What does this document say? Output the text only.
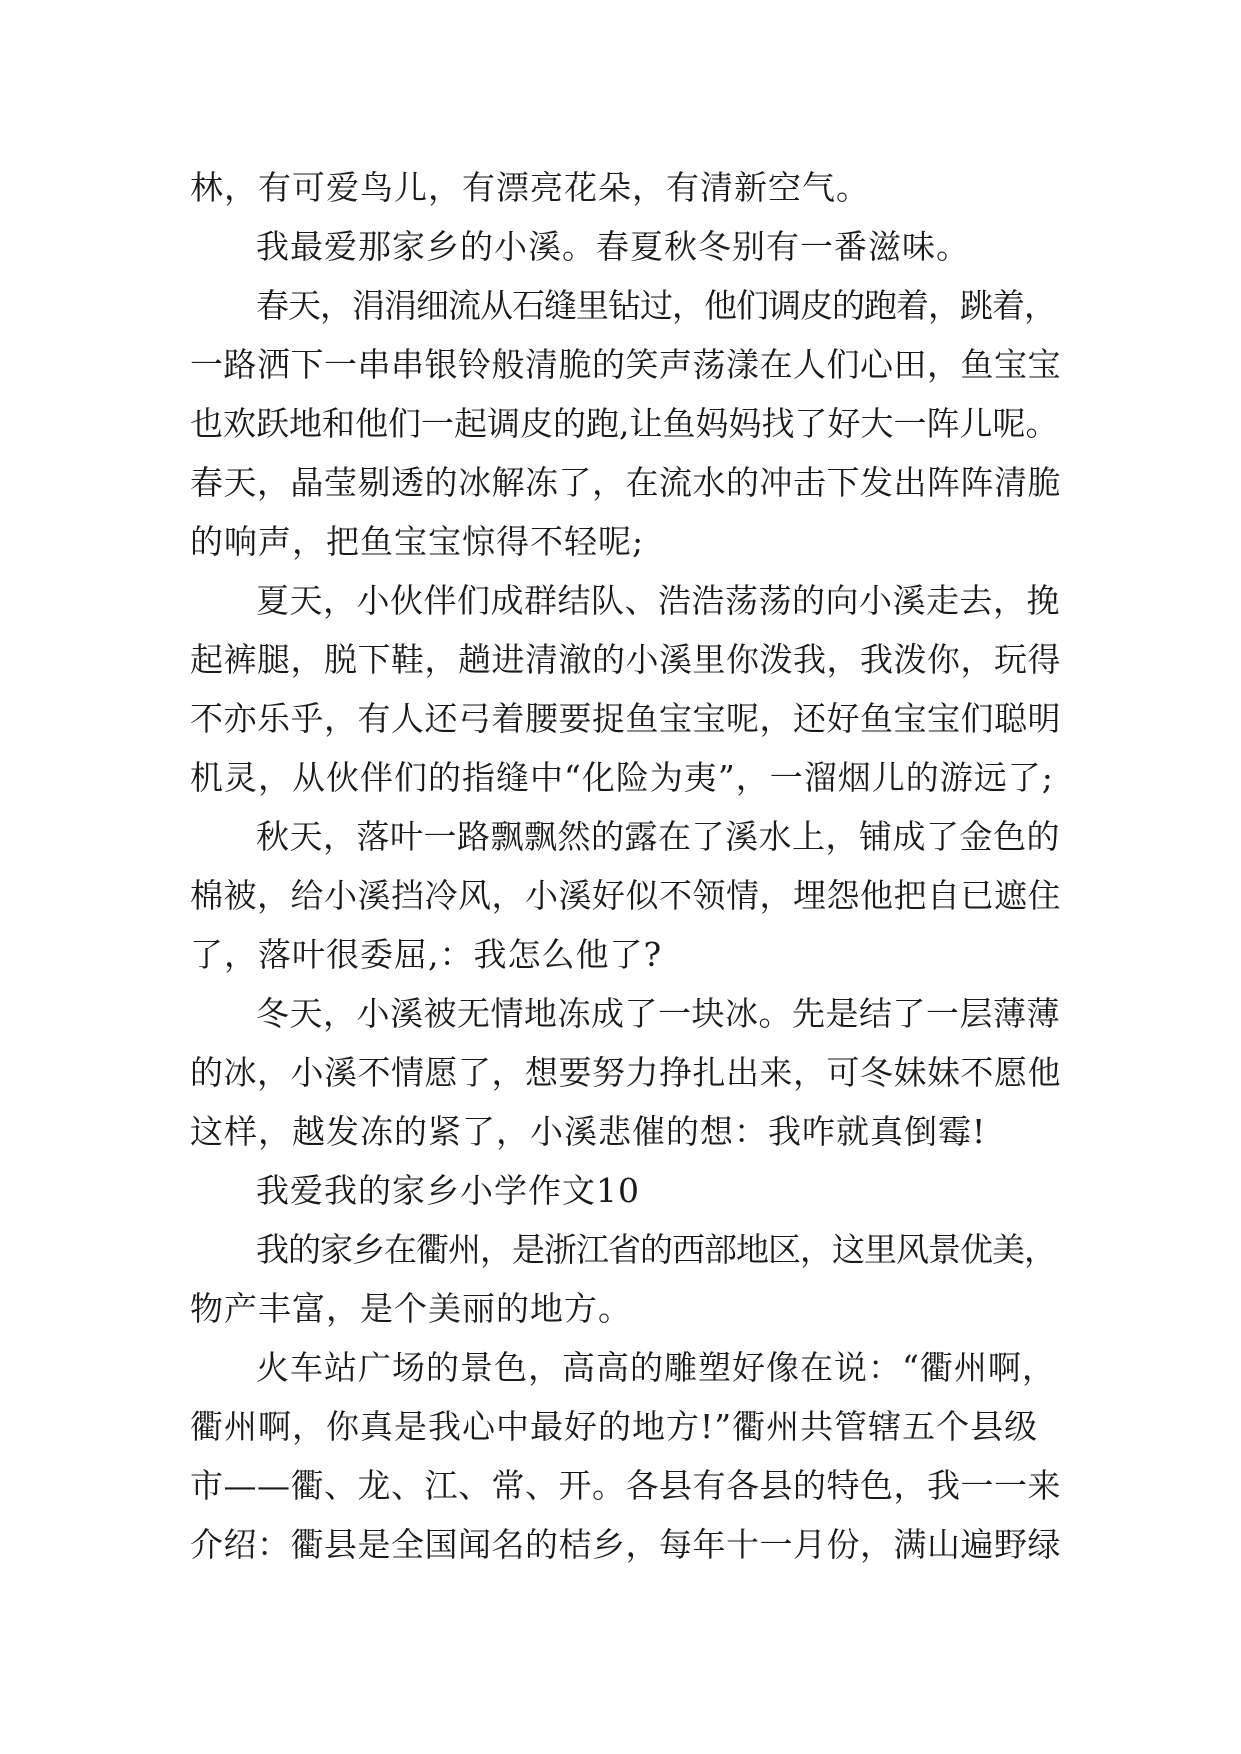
林，有可爱鸟儿，有漂亮花朵，有清新空气。
我最爱那家乡的小溪。春夏秋冬别有一番滋味。
春天，涓涓细流从石缝里钻过，他们调皮的跑着，跳着，
一路洒下一串串银铃般清脆的笑声荡漾在人们心田，鱼宝宝
也欢跃地和他们一起调皮的跑,让鱼妈妈找了好大一阵儿呢。
春天，晶莹剔透的冰解冻了，在流水的冲击下发出阵阵清脆
的响声，把鱼宝宝惊得不轻呢;
夏天，小伙伴们成群结队、浩浩荡荡的向小溪走去，挽
起裤腿，脱下鞋，趟进清澈的小溪里你泼我，我泼你，玩得
不亦乐乎，有人还弓着腰要捉鱼宝宝呢，还好鱼宝宝们聪明
机灵，从伙伴们的指缝中“化险为夷”，一溜烟儿的游远了;
秋天，落叶一路飘飘然的露在了溪水上，铺成了金色的
棉被，给小溪挡冷风，小溪好似不领情，埋怨他把自已遮住
了，落叶很委屈,：我怎么他了?
冬天，小溪被无情地冻成了一块冰。先是结了一层薄薄
的冰，小溪不情愿了，想要努力挣扎出来，可冬妹妹不愿他
这样，越发冻的紧了，小溪悲催的想：我咋就真倒霉!
我爱我的家乡小学作文10
我的家乡在衢州，是浙江省的西部地区，这里风景优美，
物产丰富，是个美丽的地方。
火车站广场的景色，高高的雕塑好像在说：“衢州啊，
衢州啊，你真是我心中最好的地方!”衢州共管辖五个县级
市——衢、龙、江、常、开。各县有各县的特色，我一一来
介绍：衢县是全国闻名的桔乡，每年十一月份，满山遍野绿
